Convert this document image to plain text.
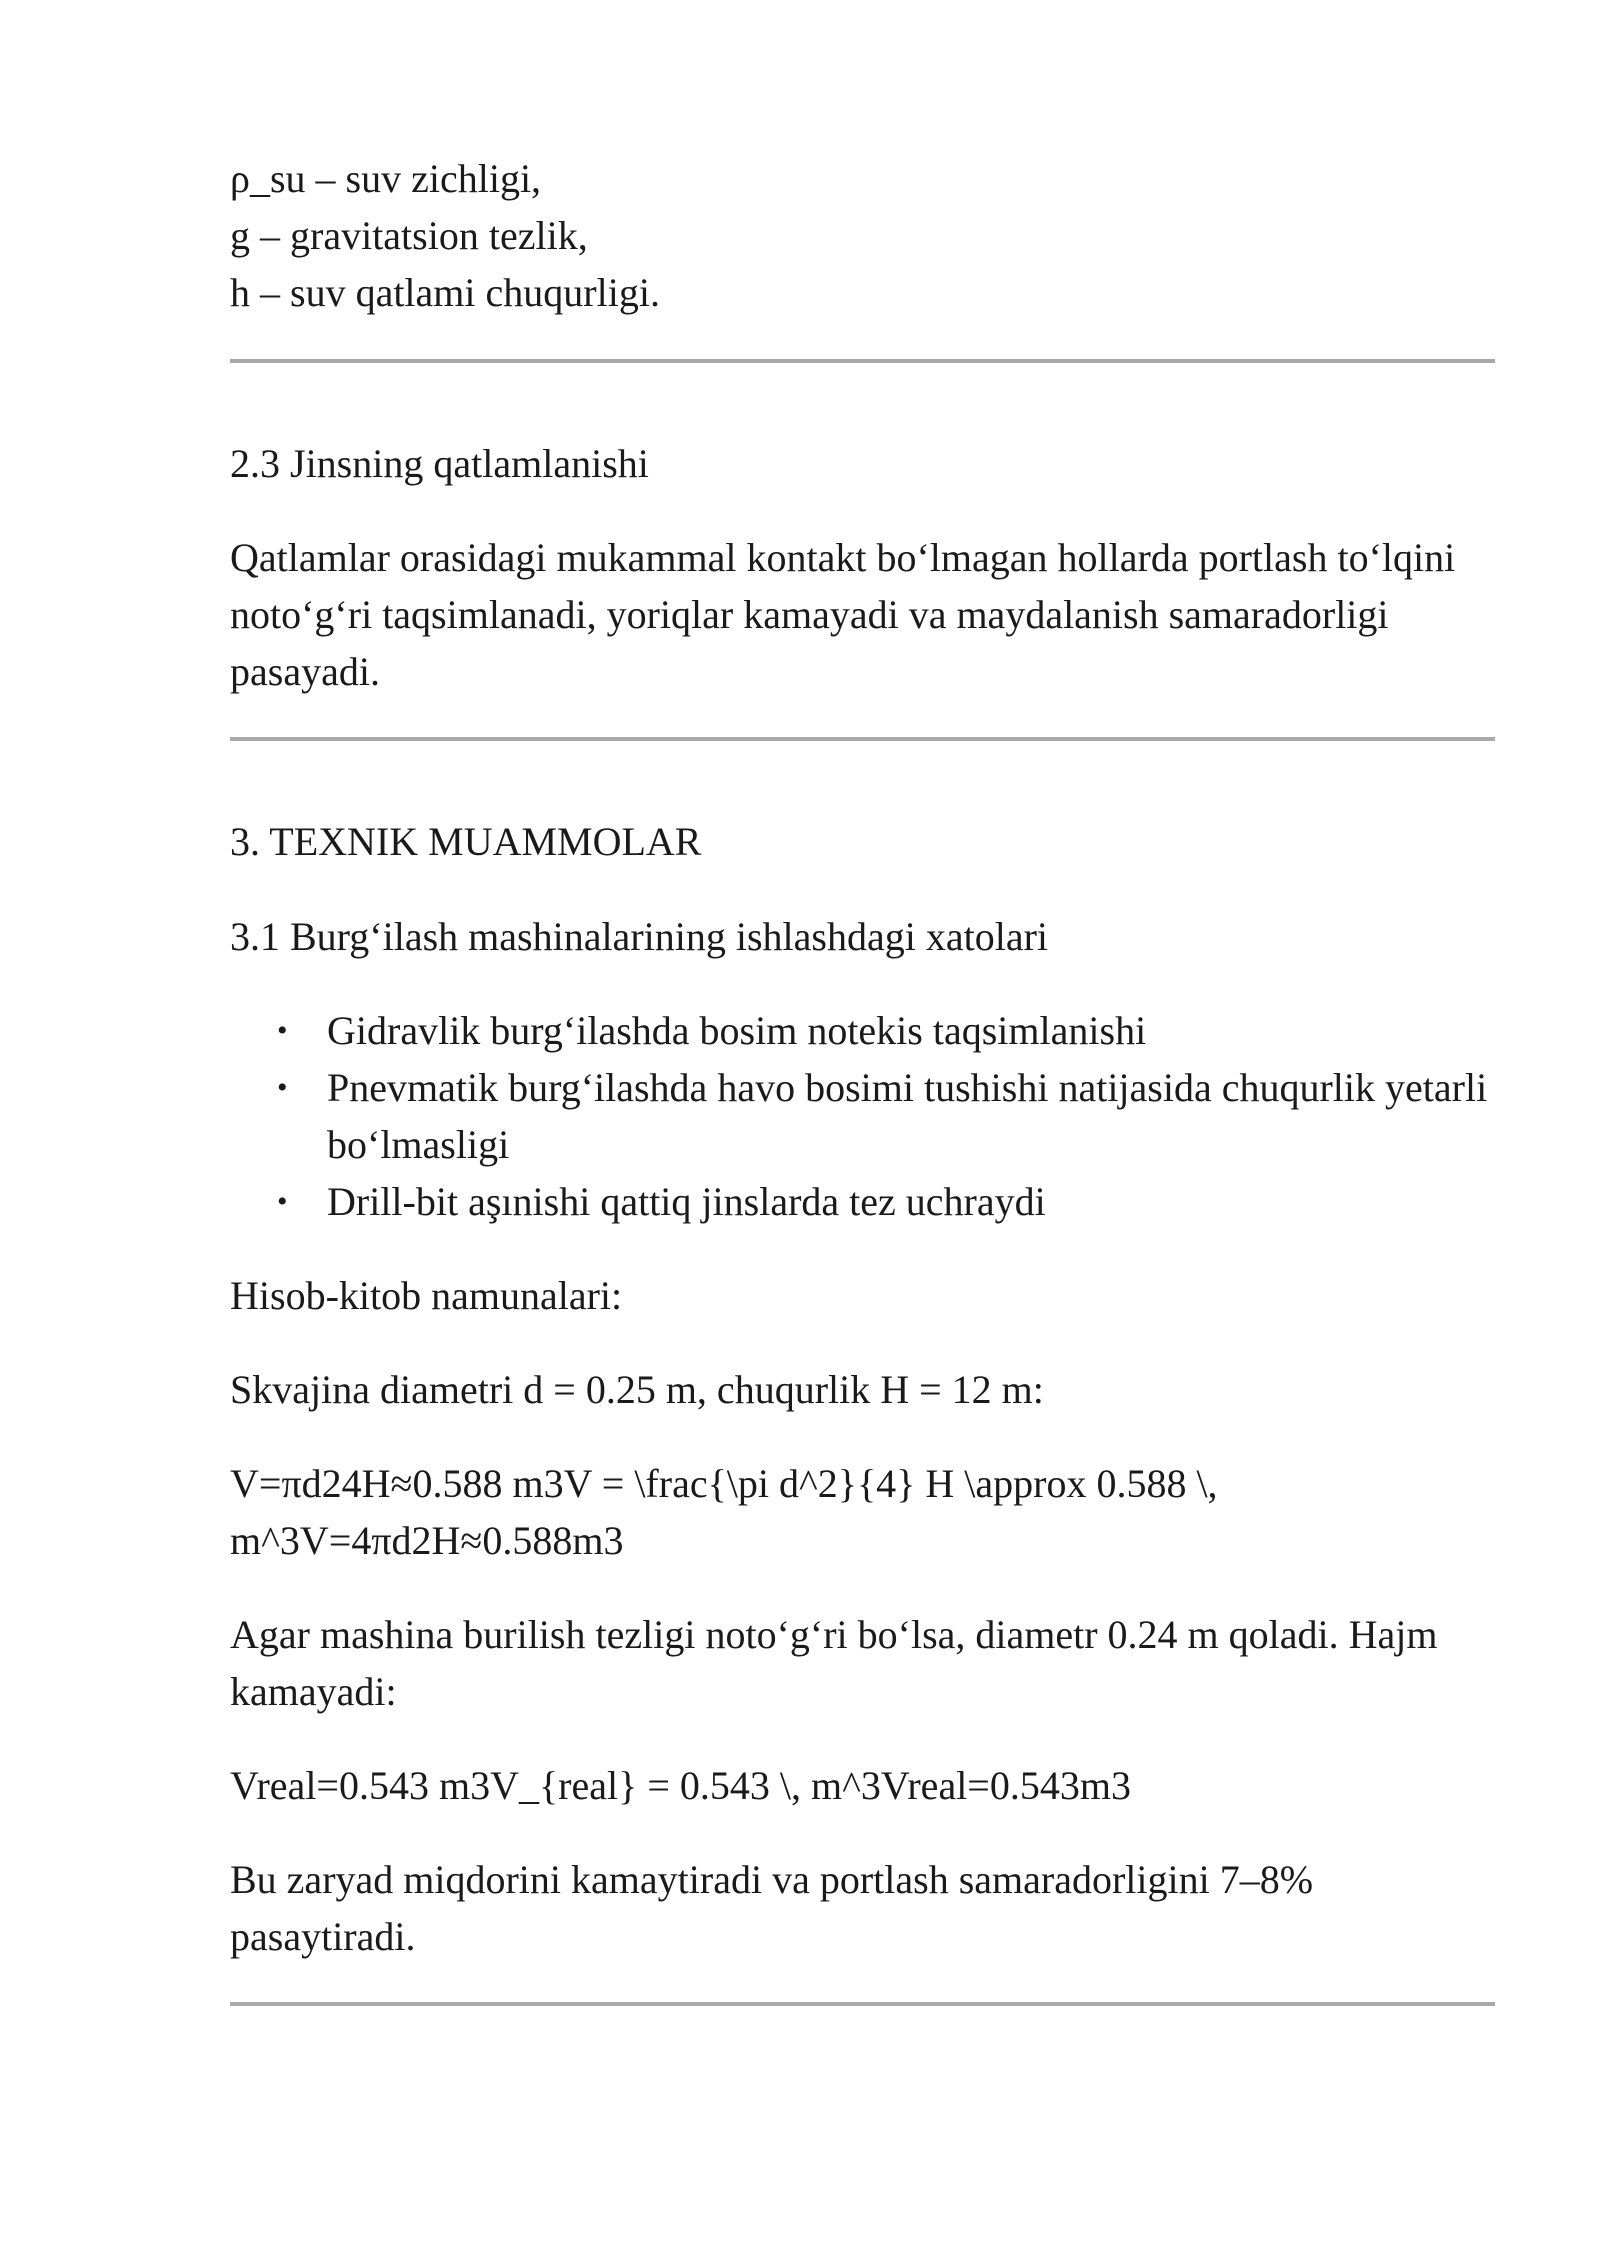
ρ_su – suv zichligi,
g – gravitatsion tezlik,
h – suv qatlami chuqurligi.

2.3 Jinsning qatlamlanishi

Qatlamlar orasidagi mukammal kontakt bo‘lmagan hollarda portlash to‘lqini noto‘g‘ri taqsimlanadi, yoriqlar kamayadi va maydalanish samaradorligi pasayadi.

3. TEXNIK MUAMMOLAR
3.1 Burg‘ilash mashinalarining ishlashdagi xatolari
• Gidravlik burg‘ilashda bosim notekis taqsimlanishi
• Pnevmatik burg‘ilashda havo bosimi tushishi natijasida chuqurlik yetarli bo‘lmasligi
• Drill-bit aşınishi qattiq jinslarda tez uchraydi

Hisob-kitob namunalari:

Skvajina diametri d = 0.25 m, chuqurlik H = 12 m:

V=πd24H≈0.588 m3V = \frac{\pi d^2}{4} H \approx 0.588 \, m^3V=4πd2H≈0.588m3

Agar mashina burilish tezligi noto‘g‘ri bo‘lsa, diametr 0.24 m qoladi. Hajm kamayadi:

Vreal=0.543 m3V_{real} = 0.543 \, m^3Vreal=0.543m3

Bu zaryad miqdorini kamaytiradi va portlash samaradorligini 7–8% pasaytiradi.
